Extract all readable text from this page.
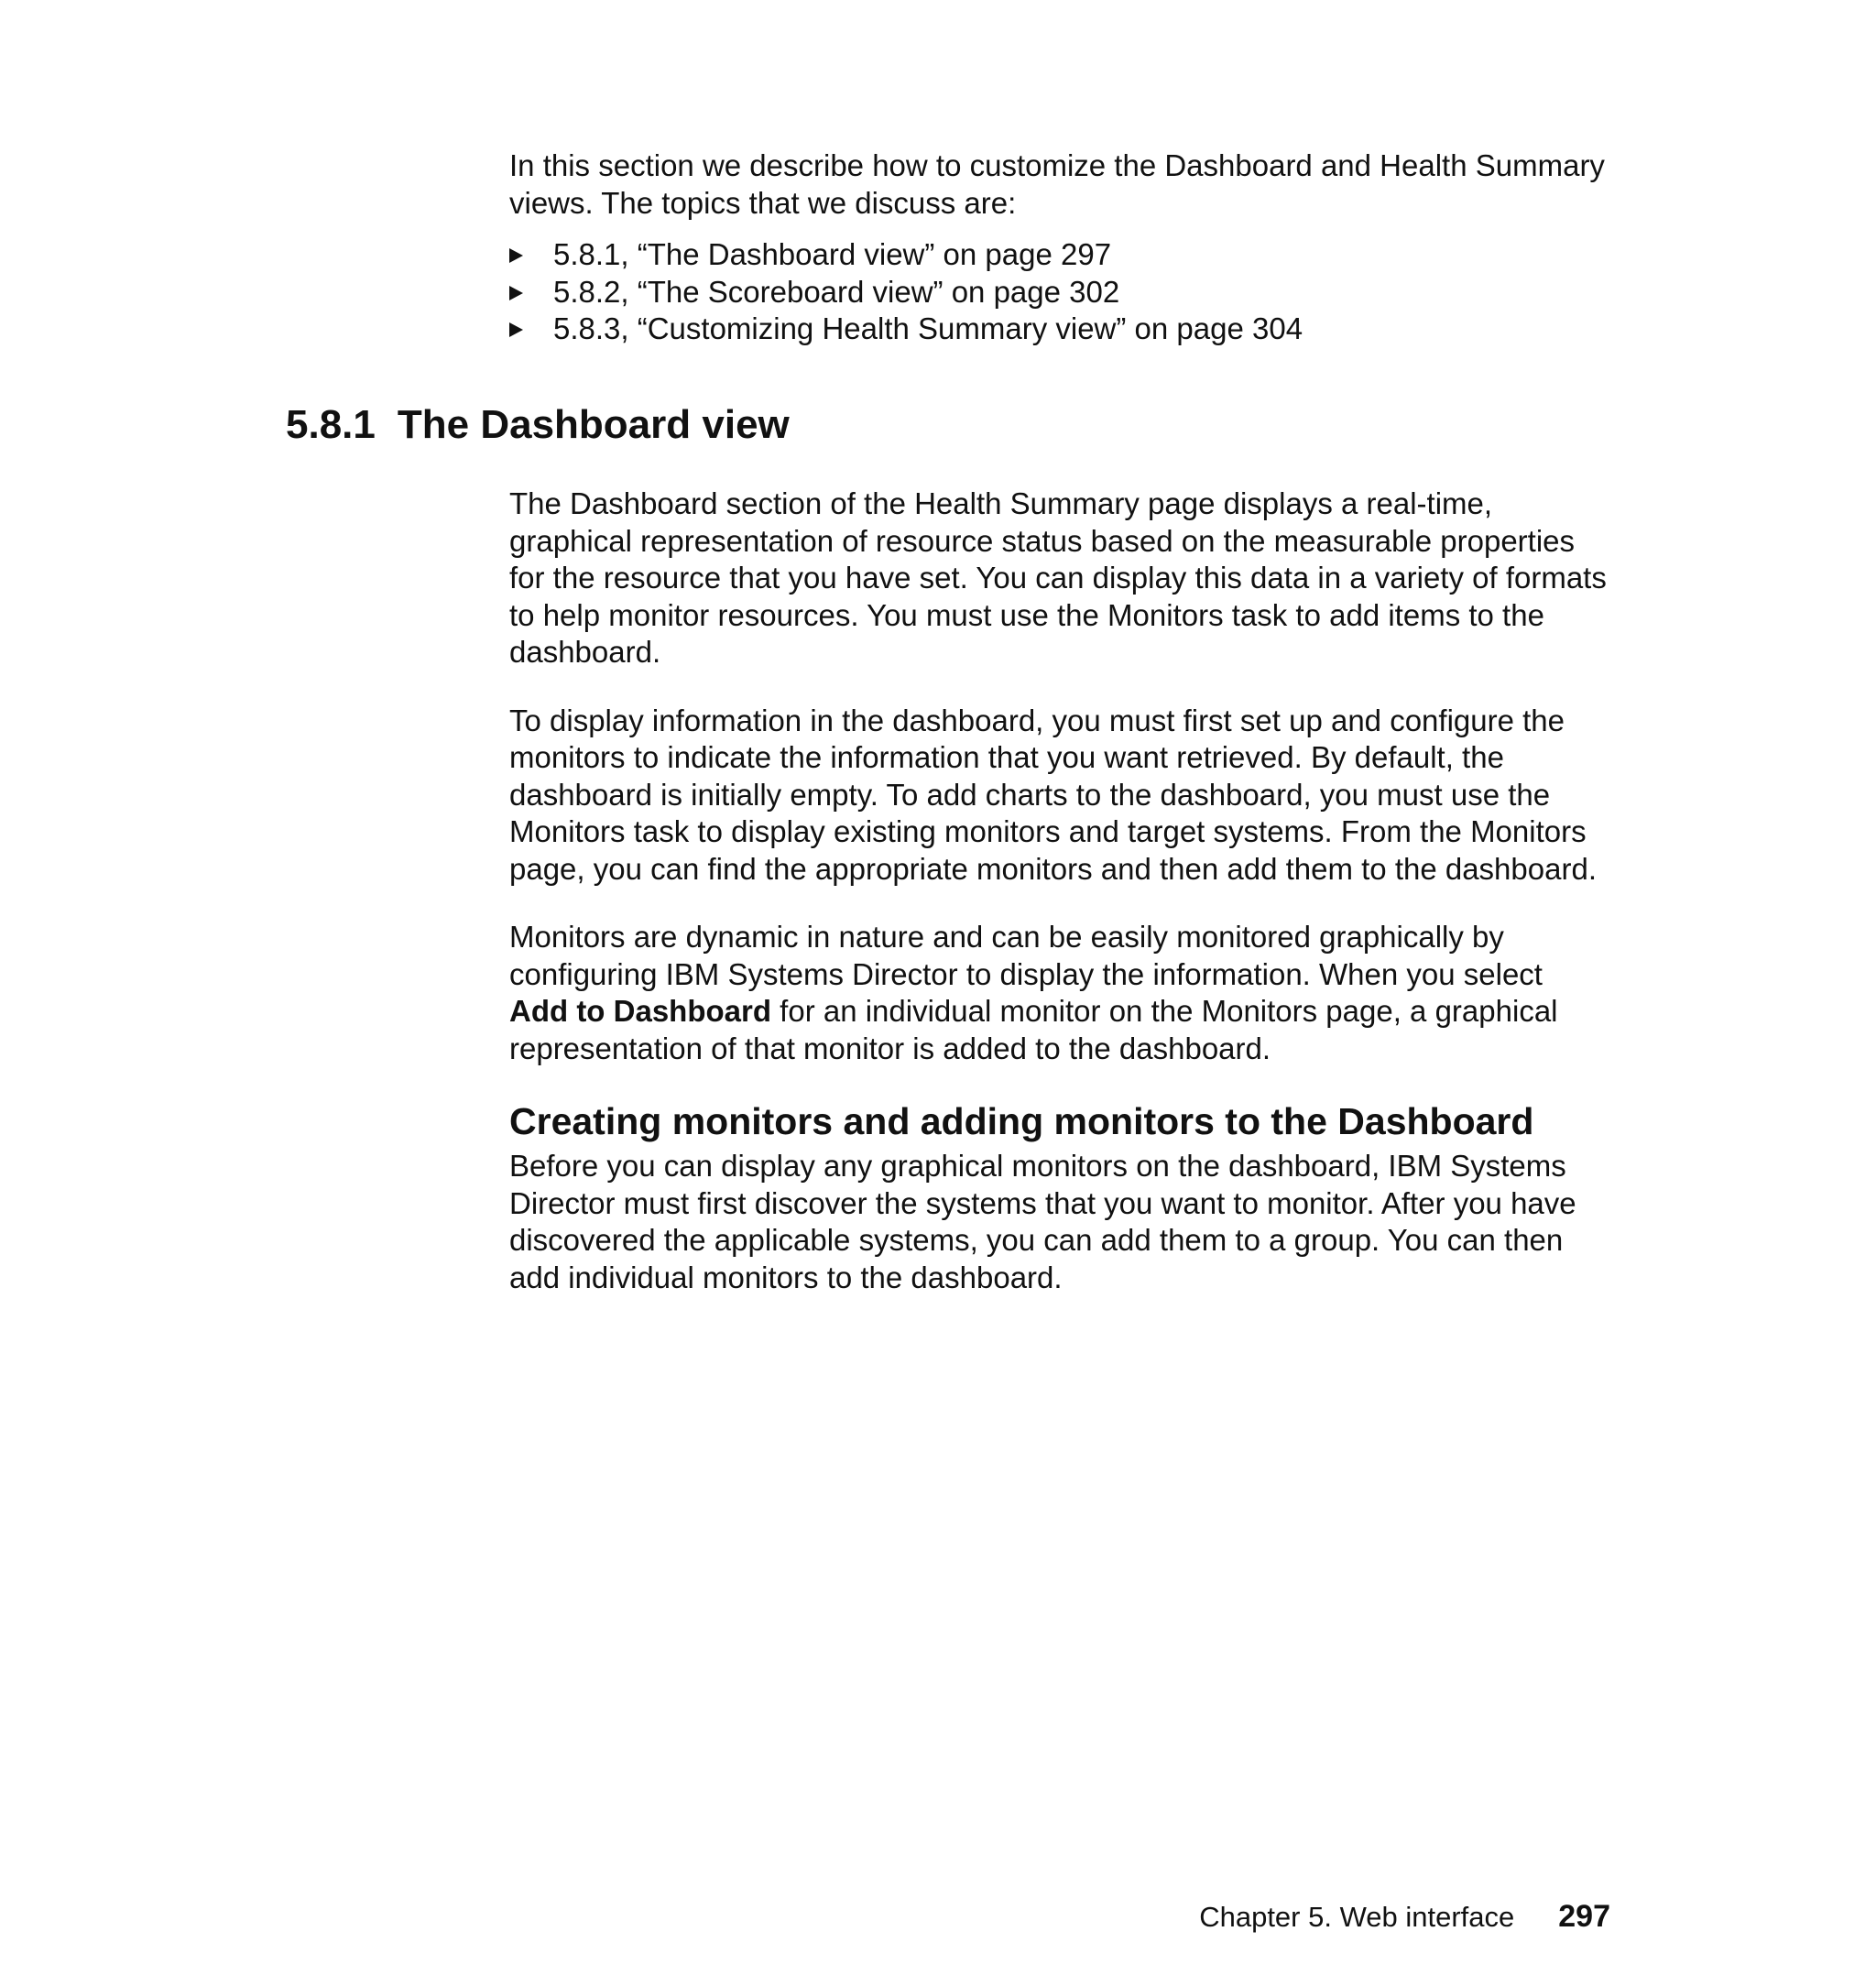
In this section we describe how to customize the Dashboard and Health Summary views. The topics that we discuss are:

5.8.1, “The Dashboard view” on page 297
5.8.2, “The Scoreboard view” on page 302
5.8.3, “Customizing Health Summary view” on page 304
5.8.1 The Dashboard view

The Dashboard section of the Health Summary page displays a real-time, graphical representation of resource status based on the measurable properties for the resource that you have set. You can display this data in a variety of formats to help monitor resources. You must use the Monitors task to add items to the dashboard.

To display information in the dashboard, you must first set up and configure the monitors to indicate the information that you want retrieved. By default, the dashboard is initially empty. To add charts to the dashboard, you must use the Monitors task to display existing monitors and target systems. From the Monitors page, you can find the appropriate monitors and then add them to the dashboard.

Monitors are dynamic in nature and can be easily monitored graphically by configuring IBM Systems Director to display the information. When you select Add to Dashboard for an individual monitor on the Monitors page, a graphical representation of that monitor is added to the dashboard.

Creating monitors and adding monitors to the Dashboard

Before you can display any graphical monitors on the dashboard, IBM Systems Director must first discover the systems that you want to monitor. After you have discovered the applicable systems, you can add them to a group. You can then add individual monitors to the dashboard.

Chapter 5. Web interface 297
